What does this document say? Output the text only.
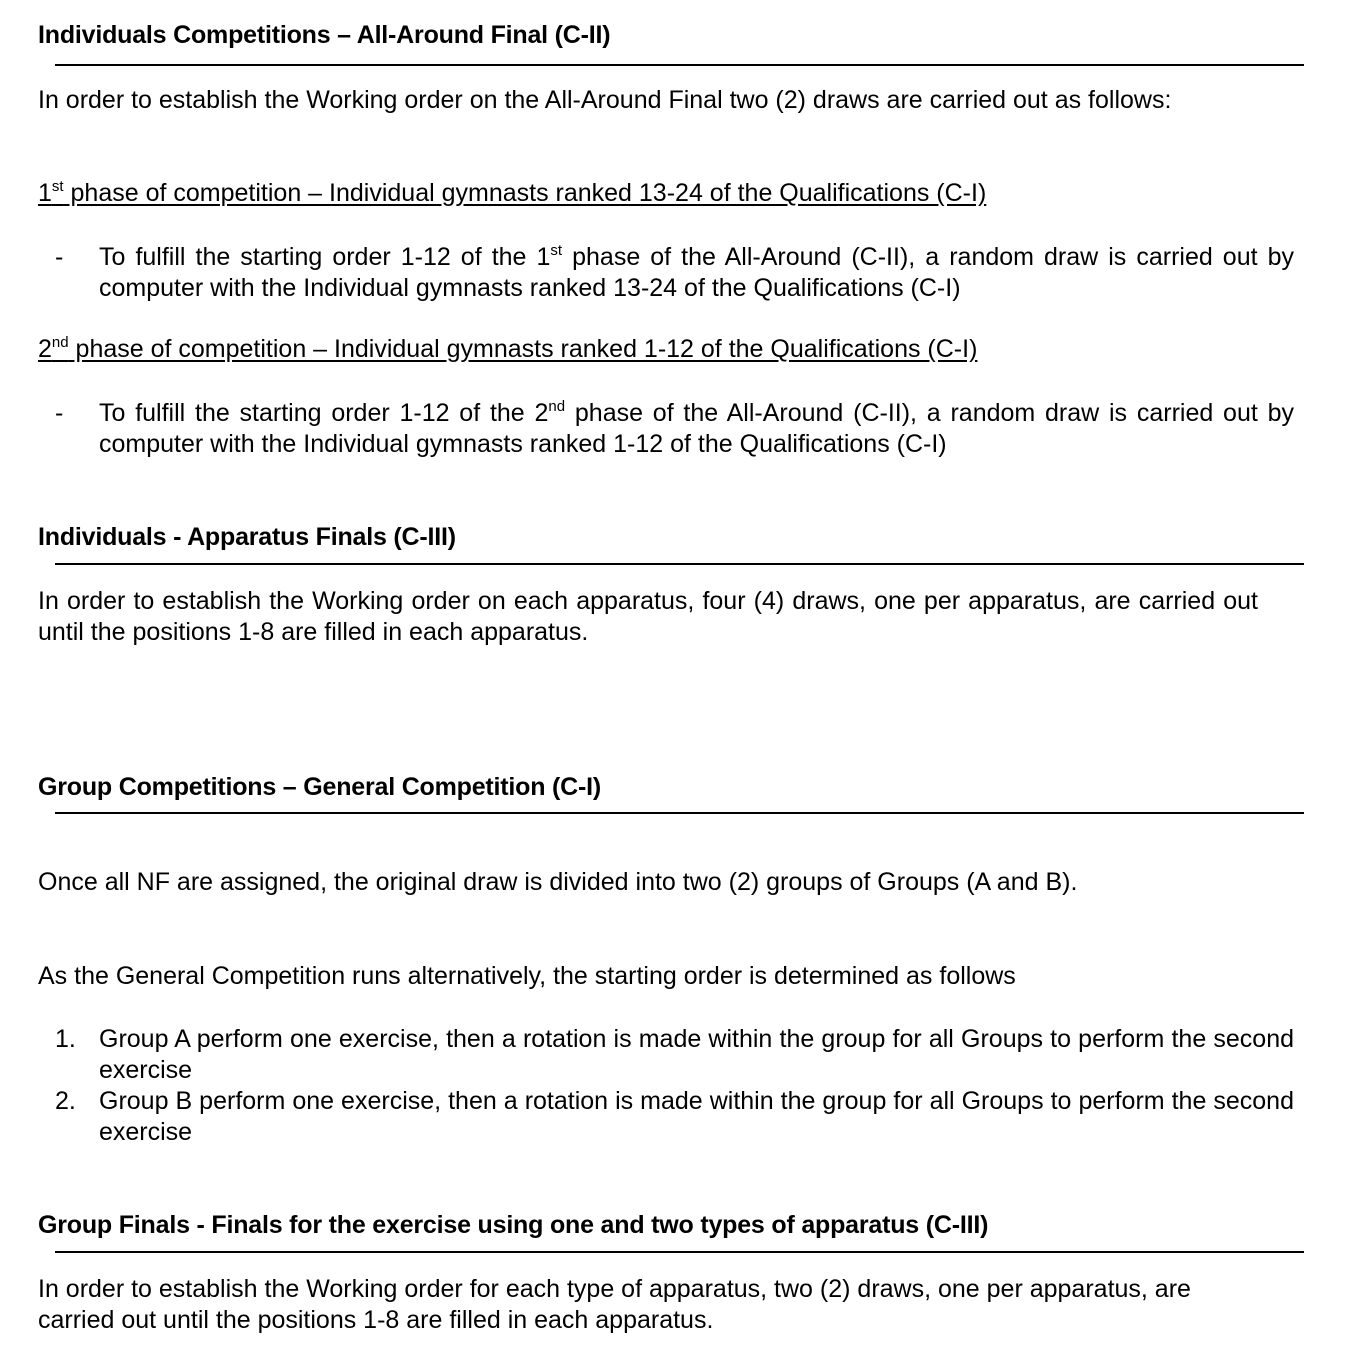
Individuals Competitions – All-Around Final (C-II)
In order to establish the Working order on the All-Around Final two (2) draws are carried out as follows:
1st phase of competition – Individual gymnasts ranked 13-24 of the Qualifications (C-I)
- To fulfill the starting order 1-12 of the 1st phase of the All-Around (C-II), a random draw is carried out by computer with the Individual gymnasts ranked 13-24 of the Qualifications (C-I)
2nd phase of competition – Individual gymnasts ranked 1-12 of the Qualifications (C-I)
- To fulfill the starting order 1-12 of the 2nd phase of the All-Around (C-II), a random draw is carried out by computer with the Individual gymnasts ranked 1-12 of the Qualifications (C-I)
Individuals - Apparatus Finals (C-III)
In order to establish the Working order on each apparatus, four (4) draws, one per apparatus, are carried out until the positions 1-8 are filled in each apparatus.
Group Competitions – General Competition (C-I)
Once all NF are assigned, the original draw is divided into two (2) groups of Groups (A and B).
As the General Competition runs alternatively, the starting order is determined as follows
1. Group A perform one exercise, then a rotation is made within the group for all Groups to perform the second exercise
2. Group B perform one exercise, then a rotation is made within the group for all Groups to perform the second exercise
Group Finals - Finals for the exercise using one and two types of apparatus (C-III)
In order to establish the Working order for each type of apparatus, two (2) draws, one per apparatus, are carried out until the positions 1-8 are filled in each apparatus.
